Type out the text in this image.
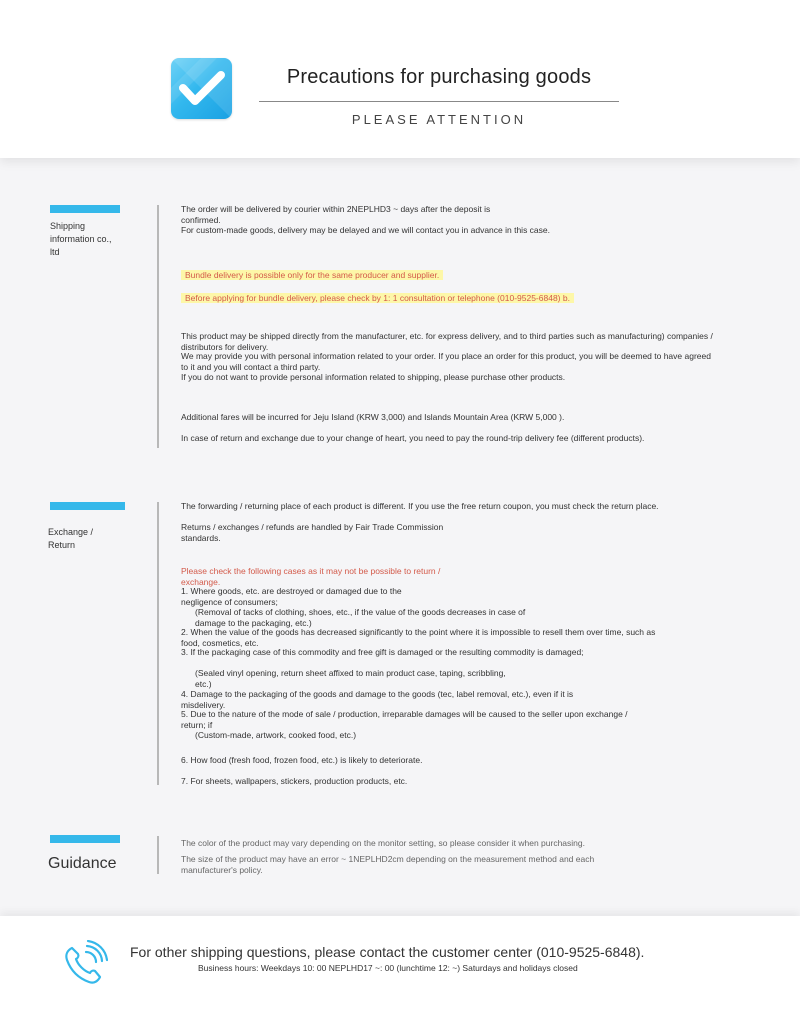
Precautions for purchasing goods
PLEASE ATTENTION
Shipping information co., ltd

The order will be delivered by courier within 2NEPLHD3 ~ days after the deposit is confirmed.

For custom-made goods, delivery may be delayed and we will contact you in advance in this case.

Bundle delivery is possible only for the same producer and supplier.

Before applying for bundle delivery, please check by 1: 1 consultation or telephone (010-9525-6848) b.

This product may be shipped directly from the manufacturer, etc. for express delivery, and to third parties such as manufacturing) companies / distributors for delivery.

We may provide you with personal information related to your order. If you place an order for this product, you will be deemed to have agreed to it and you will contact a third party.

If you do not want to provide personal information related to shipping, please purchase other products.

Additional fares will be incurred for Jeju Island (KRW 3,000) and Islands Mountain Area (KRW 5,000 ).

In case of return and exchange due to your change of heart, you need to pay the round-trip delivery fee (different products).

Exchange / Return

The forwarding / returning place of each product is different. If you use the free return coupon, you must check the return place.

Returns / exchanges / refunds are handled by Fair Trade Commission standards.

Please check the following cases as it may not be possible to return / exchange.

1. Where goods, etc. are destroyed or damaged due to the negligence of consumers;

(Removal of tacks of clothing, shoes, etc., if the value of the goods decreases in case of damage to the packaging, etc.)

2. When the value of the goods has decreased significantly to the point where it is impossible to resell them over time, such as food, cosmetics, etc.

3. If the packaging case of this commodity and free gift is damaged or the resulting commodity is damaged;

(Sealed vinyl opening, return sheet affixed to main product case, taping, scribbling, etc.)

4. Damage to the packaging of the goods and damage to the goods (tec, label removal, etc.), even if it is misdelivery.

5. Due to the nature of the mode of sale / production, irreparable damages will be caused to the seller upon exchange / return; if

(Custom-made, artwork, cooked food, etc.)

6. How food (fresh food, frozen food, etc.) is likely to deteriorate.

7. For sheets, wallpapers, stickers, production products, etc.

Guidance

The color of the product may vary depending on the monitor setting, so please consider it when purchasing.

The size of the product may have an error ~ 1NEPLHD2cm depending on the measurement method and each manufacturer's policy.

For other shipping questions, please contact the customer center (010-9525-6848).
Business hours: Weekdays 10: 00 NEPLHD17 ~: 00 (lunchtime 12: ~) Saturdays and holidays closed
